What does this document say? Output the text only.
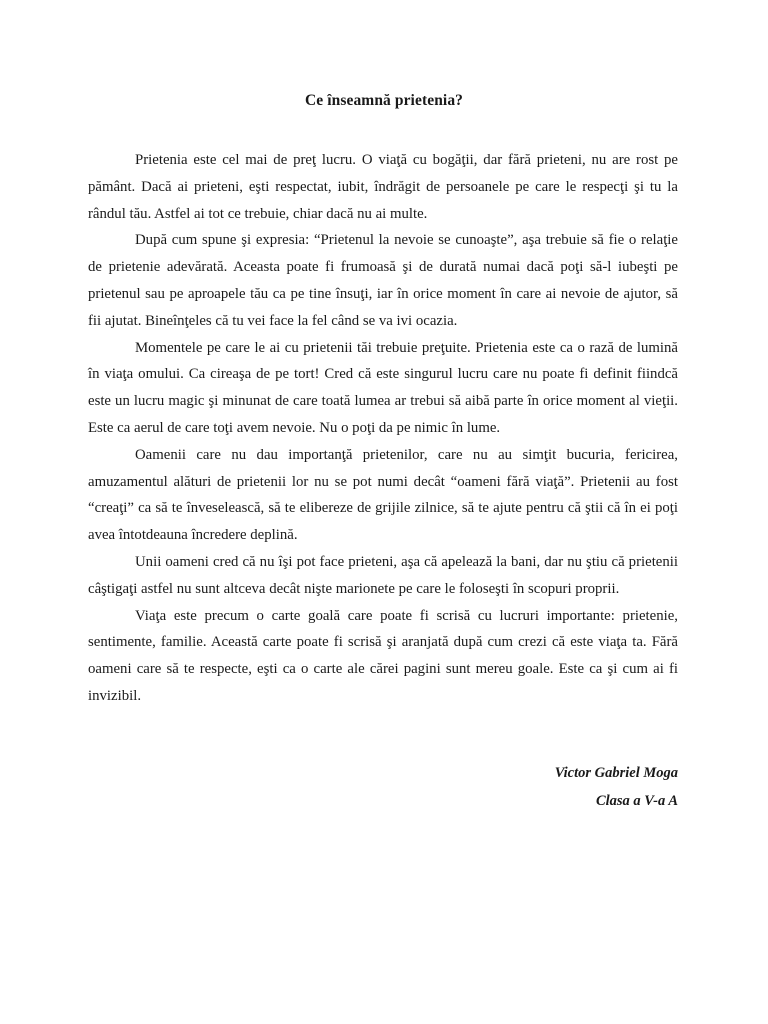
Ce înseamnă prietenia?

Prietenia este cel mai de preţ lucru. O viaţă cu bogăţii, dar fără prieteni, nu are rost pe pământ. Dacă ai prieteni, eşti respectat, iubit, îndrăgit de persoanele pe care le respecţi şi tu la rândul tău. Astfel ai tot ce trebuie, chiar dacă nu ai multe.

După cum spune şi expresia: “Prietenul la nevoie se cunoaşte”, aşa trebuie să fie o relaţie de prietenie adevărată. Aceasta poate fi frumoasă şi de durată numai dacă poţi să-l iubeşti pe prietenul sau pe aproapele tău ca pe tine însuţi, iar în orice moment în care ai nevoie de ajutor, să fii ajutat. Bineînţeles că tu vei face la fel când se va ivi ocazia.

Momentele pe care le ai cu prietenii tăi trebuie preţuite. Prietenia este ca o rază de lumină în viaţa omului. Ca cireaşa de pe tort! Cred că este singurul lucru care nu poate fi definit fiindcă este un lucru magic şi minunat de care toată lumea ar trebui să aibă parte în orice moment al vieţii. Este ca aerul de care toţi avem nevoie. Nu o poţi da pe nimic în lume.

Oamenii care nu dau importanţă prietenilor, care nu au simţit bucuria, fericirea, amuzamentul alături de prietenii lor nu se pot numi decât “oameni fără viaţă”. Prietenii au fost “creaţi” ca să te înveselească, să te elibereze de grijile zilnice, să te ajute pentru că ştii că în ei poţi avea întotdeauna încredere deplină.

Unii oameni cred că nu îşi pot face prieteni, aşa că apelează la bani, dar nu ştiu că prietenii câştigaţi astfel nu sunt altceva decât nişte marionete pe care le foloseşti în scopuri proprii.

Viaţa este precum o carte goală care poate fi scrisă cu lucruri importante: prietenie, sentimente, familie. Această carte poate fi scrisă şi aranjată după cum crezi că este viaţa ta. Fără oameni care să te respecte, eşti ca o carte ale cărei pagini sunt mereu goale. Este ca şi cum ai fi invizibil.

Victor Gabriel Moga
Clasa a V-a A
